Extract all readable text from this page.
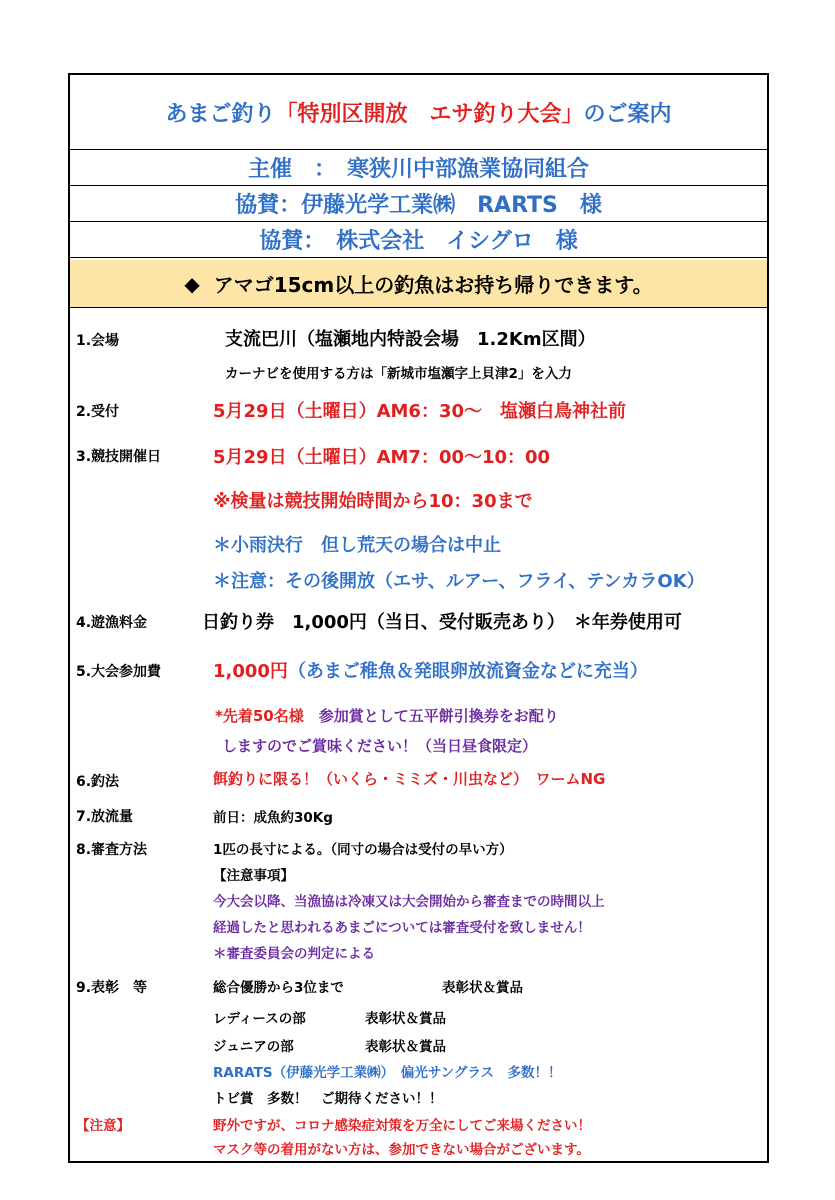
あまご釣り 「特別区開放　エサ釣り大会」 のご案内
主催　：　寒狭川中部漁業協同組合
協賛：伊藤光学工業㈱　RARTS　様
協賛：　株式会社　イシグロ　様
◆ アマゴ15cm以上の釣魚はお持ち帰りできます。
1.会場	支流巴川（塩瀬地内特設会場　1.2Km区間）
カーナビを使用する方は「新城市塩瀬字上貝津2」を入力
2.受付	5月29日（土曜日）AM6：30～　塩瀬白鳥神社前
3.競技開催日	5月29日（土曜日）AM7：00～10：00
※検量は競技開始時間から10：30まで
＊小雨決行　但し荒天の場合は中止
＊注意：その後開放（エサ、ルアー、フライ、テンカラOK）
4.遊漁料金	日釣り券　1,000円（当日、受付販売あり）　＊年券使用可
5.大会参加費	1,000円（あまご稚魚＆発眼卵放流資金などに充当）
*先着50名様　 参加賞として五平餅引換券をお配り
しますのでご賞味ください！（当日昼食限定）
6.釣法	餌釣りに限る！（いくら・ミミズ・川虫など）　ワームNG
7.放流量	前日：成魚約30Kg
8.審査方法	1匹の長寸による。（同寸の場合は受付の早い方）
【注意事項】
今大会以降、当漁協は冷凍又は大会開始から審査までの時間以上
経過したと思われるあまごについては審査受付を致しません！
＊審査委員会の判定による
9.表彰　等	総合優勝から3位まで	表彰状＆賞品
レディースの部	表彰状＆賞品
ジュニアの部	表彰状＆賞品
RARATS（伊藤光学工業㈱）　偏光サングラス　多数！！
トビ賞　多数！　ご期待ください！！
【注意】	野外ですが、コロナ感染症対策を万全にしてご来場ください！
マスク等の着用がない方は、参加できない場合がございます。
